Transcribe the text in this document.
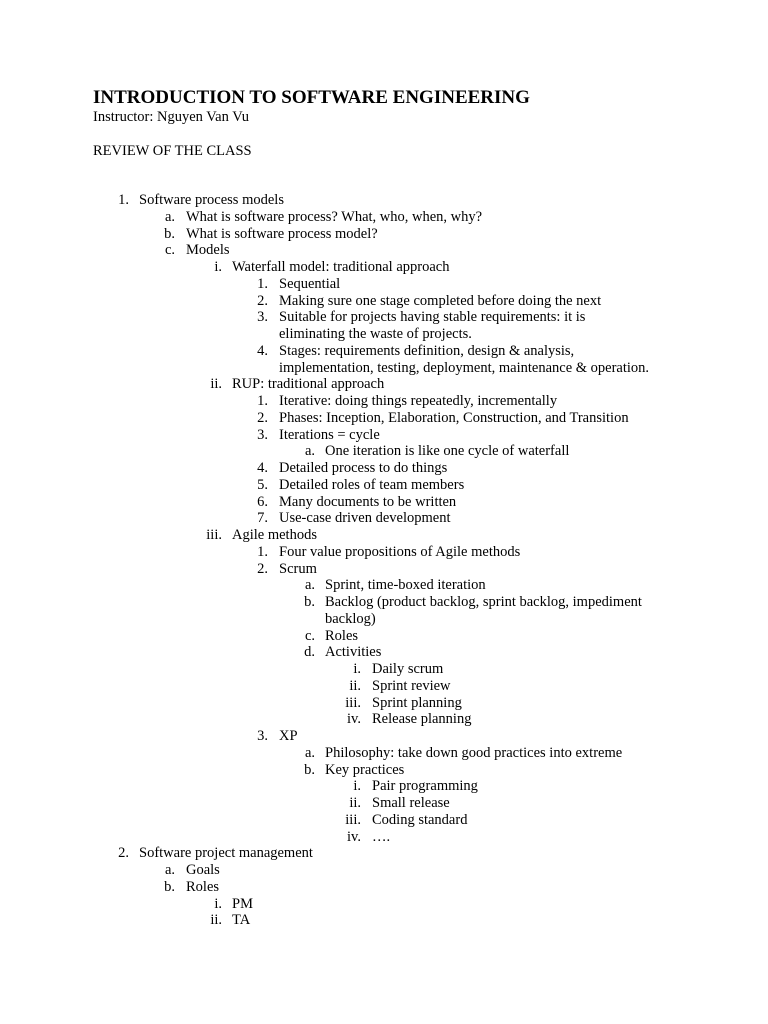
INTRODUCTION TO SOFTWARE ENGINEERING
Instructor: Nguyen Van Vu
REVIEW OF THE CLASS
1. Software process models
a. What is software process? What, who, when, why?
b. What is software process model?
c. Models
i. Waterfall model: traditional approach
1. Sequential
2. Making sure one stage completed before doing the next
3. Suitable for projects having stable requirements: it is
eliminating the waste of projects.
4. Stages: requirements definition, design & analysis,
implementation, testing, deployment, maintenance & operation.
ii. RUP: traditional approach
1. Iterative: doing things repeatedly, incrementally
2. Phases: Inception, Elaboration, Construction, and Transition
3. Iterations = cycle
a. One iteration is like one cycle of waterfall
4. Detailed process to do things
5. Detailed roles of team members
6. Many documents to be written
7. Use-case driven development
iii. Agile methods
1. Four value propositions of Agile methods
2. Scrum
a. Sprint, time-boxed iteration
b. Backlog (product backlog, sprint backlog, impediment
backlog)
c. Roles
d. Activities
i. Daily scrum
ii. Sprint review
iii. Sprint planning
iv. Release planning
3. XP
a. Philosophy: take down good practices into extreme
b. Key practices
i. Pair programming
ii. Small release
iii. Coding standard
iv. ….
2. Software project management
a. Goals
b. Roles
i. PM
ii. TA
